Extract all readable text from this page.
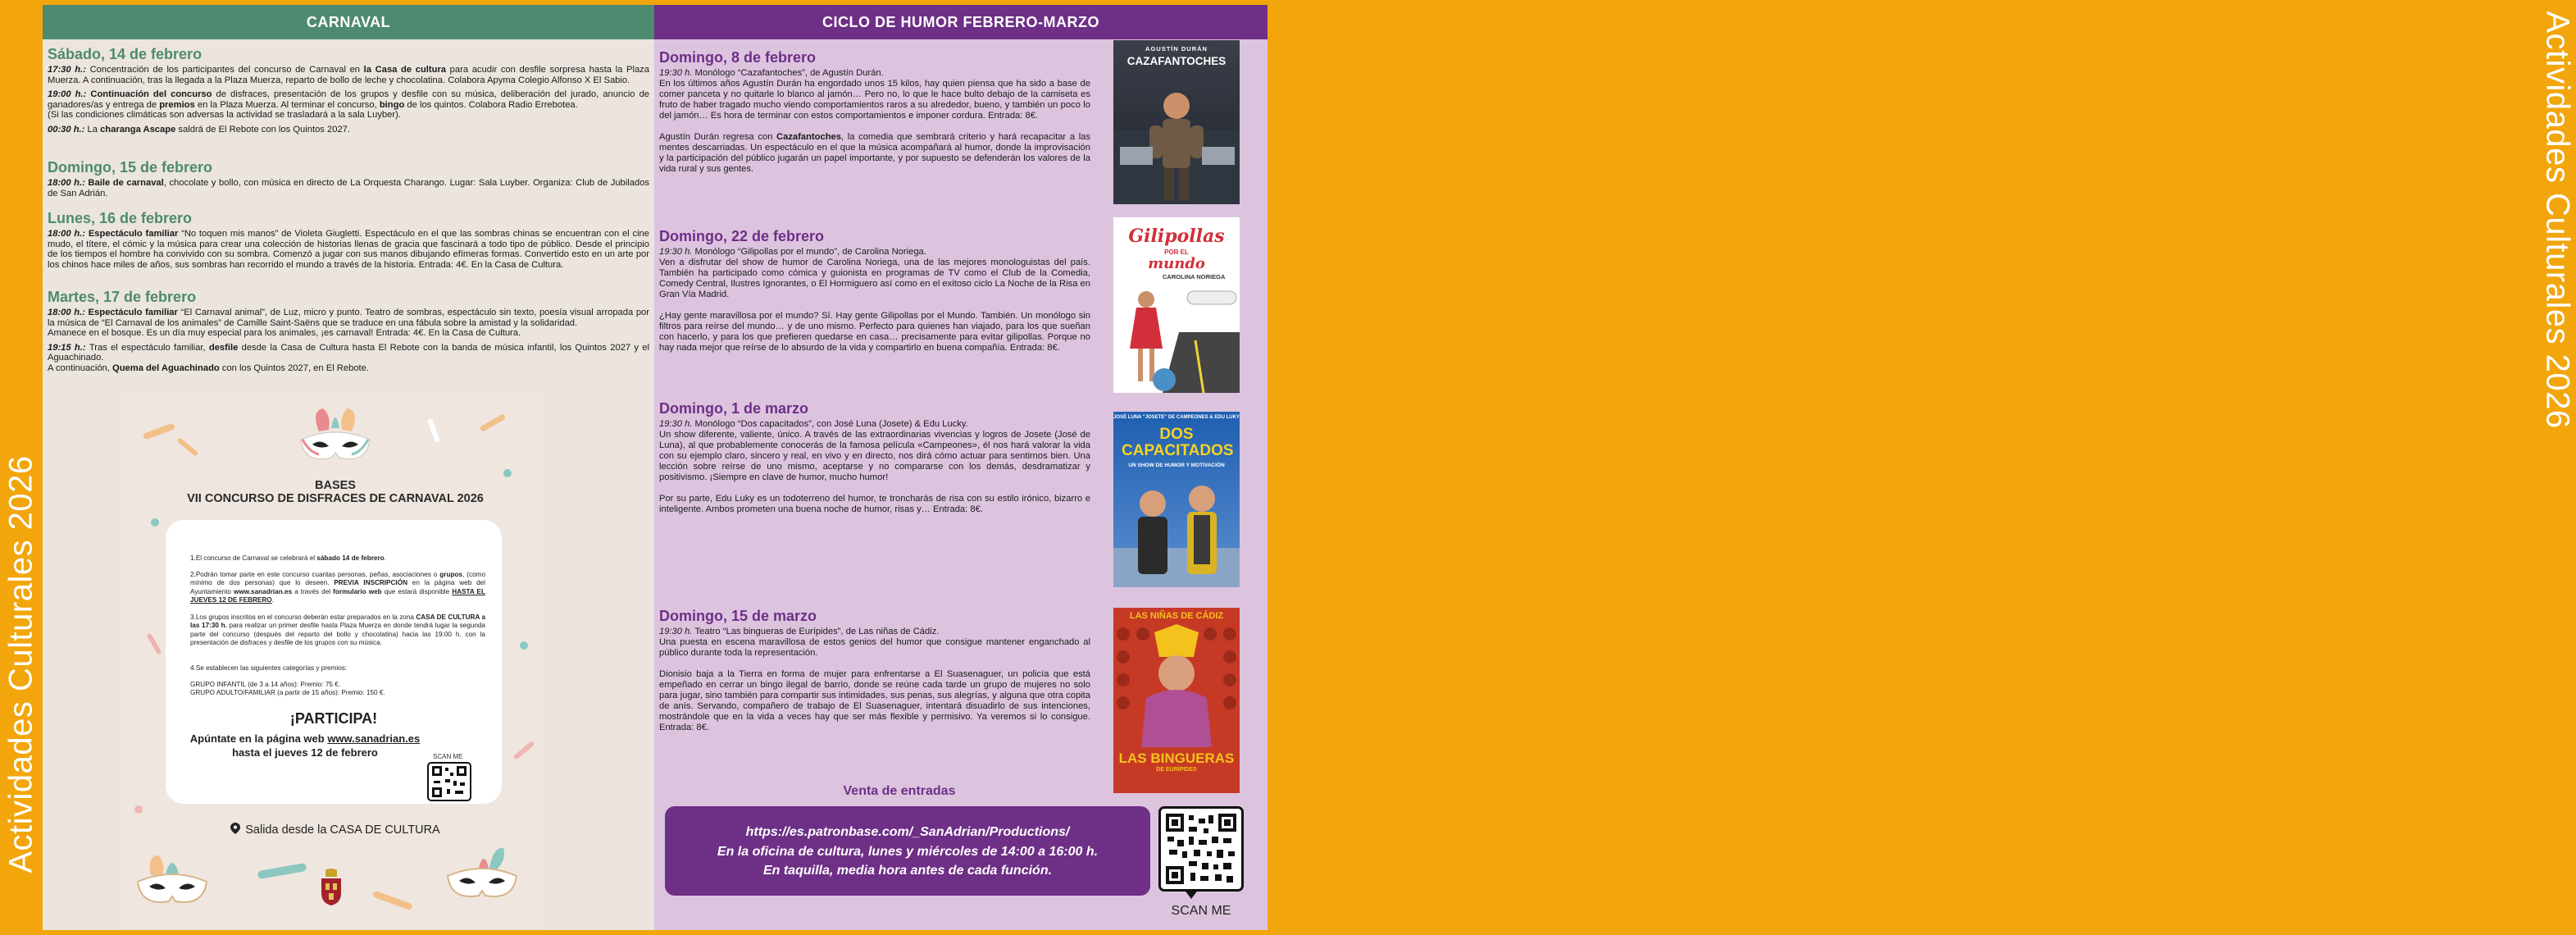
Actividades Culturales 2026
Actividades Culturales 2026
CARNAVAL
Sábado, 14 de febrero

17:30 h.: Concentración de los participantes del concurso de Carnaval en la Casa de cultura para acudir con desfile sorpresa hasta la Plaza Muerza. A continuación, tras la llegada a la Plaza Muerza, reparto de bollo de leche y chocolatina. Colabora Apyma Colegio Alfonso X El Sabio.

19:00 h.: Continuación del concurso de disfraces, presentación de los grupos y desfile con su música, deliberación del jurado, anuncio de ganadores/as y entrega de premios en la Plaza Muerza. Al terminar el concurso, bingo de los quintos. Colabora Radio Errebotea.
(Si las condiciones climáticas son adversas la actividad se trasladará a la sala Luyber).

00:30 h.: La charanga Ascape saldrá de El Rebote con los Quintos 2027.

Domingo, 15 de febrero

18:00 h.: Baile de carnaval, chocolate y bollo, con música en directo de La Orquesta Charango. Lugar: Sala Luyber. Organiza: Club de Jubilados de San Adrián.

Lunes, 16 de febrero

18:00 h.: Espectáculo familiar “No toquen mis manos” de Violeta Giugletti. Espectáculo en el que las sombras chinas se encuentran con el cine mudo, el títere, el cómic y la música para crear una colección de historias llenas de gracia que fascinará a todo tipo de público. Desde el principio de los tiempos el hombre ha convivido con su sombra. Comenzó a jugar con sus manos dibujando efímeras formas. Convertido esto en un arte por los chinos hace miles de años, sus sombras han recorrido el mundo a través de la historia. Entrada: 4€. En la Casa de Cultura.

Martes, 17 de febrero

18:00 h.: Espectáculo familiar “El Carnaval animal”, de Luz, micro y punto. Teatro de sombras, espectáculo sin texto, poesía visual arropada por la música de “El Carnaval de los animales” de Camille Saint-Saëns que se traduce en una fábula sobre la amistad y la solidaridad.
Amanece en el bosque. Es un día muy especial para los animales, ¡es carnaval! Entrada: 4€. En la Casa de Cultura.

19:15 h.: Tras el espectáculo familiar, desfile desde la Casa de Cultura hasta El Rebote con la banda de música infantil, los Quintos 2027 y el Aguachinado.
A continuación, Quema del Aguachinado con los Quintos 2027, en El Rebote.

BASES
VII CONCURSO DE DISFRACES DE CARNAVAL 2026
1.El concurso de Carnaval se celebrará el sábado 14 de febrero.
2.Podrán tomar parte en este concurso cuantas personas, peñas, asociaciones o grupos, (como mínimo de dos personas) que lo deseen. PREVIA INSCRIPCIÓN en la página web del Ayuntamiento www.sanadrian.es a través del formulario web que estará disponible HASTA EL JUEVES 12 DE FEBRERO.
3.Los grupos inscritos en el concurso deberán estar preparados en la zona CASA DE CULTURA a las 17:30 h. para realizar un primer desfile hasta Plaza Muerza en donde tendrá lugar la segunda parte del concurso (después del reparto del bollo y chocolatina) hacia las 19:00 h. con la presentación de disfraces y desfile de los grupos con su música.
4.Se establecen las siguientes categorías y premios:
GRUPO INFANTIL (de 3 a 14 años): Premio: 75 €.
GRUPO ADULTO/FAMILIAR (a partir de 15 años): Premio: 150 €.
¡PARTICIPA!
Apúntate en la página web www.sanadrian.es
hasta el jueves 12 de febrero	SCAN ME
Salida desde la CASA DE CULTURA
CICLO DE HUMOR FEBRERO-MARZO
Domingo, 8 de febrero

19:30 h. Monólogo “Cazafantoches”, de Agustín Durán.
En los últimos años Agustín Durán ha engordado unos 15 kilos, hay quien piensa que ha sido a base de comer panceta y no quitarle lo blanco al jamón… Pero no, lo que le hace bulto debajo de la camiseta es fruto de haber tragado mucho viendo comportamientos raros a su alrededor, bueno, y también un poco lo del jamón… Es hora de terminar con estos comportamientos e imponer cordura. Entrada: 8€.

Agustín Durán regresa con Cazafantoches, la comedia que sembrará criterio y hará recapacitar a las mentes descarriadas. Un espectáculo en el que la música acompañará al humor, donde la improvisación y la participación del público jugarán un papel importante, y por supuesto se defenderán los valores de la vida rural y sus gentes.

Domingo, 22 de febrero

19:30 h. Monólogo “Gilipollas por el mundo”, de Carolina Noriega.
Ven a disfrutar del show de humor de Carolina Noriega, una de las mejores monologuistas del país. También ha participado como cómica y guionista en programas de TV como el Club de la Comedia, Comedy Central, Ilustres Ignorantes, o El Hormiguero así como en el exitoso ciclo La Noche de la Risa en Gran Vía Madrid.

¿Hay gente maravillosa por el mundo? Sí. Hay gente Gilipollas por el Mundo. También. Un monólogo sin filtros para reírse del mundo… y de uno mismo. Perfecto para quienes han viajado, para los que sueñan con hacerlo, y para los que prefieren quedarse en casa… precisamente para evitar gilipollas. Porque no hay nada mejor que reírse de lo absurdo de la vida y compartirlo en buena compañía. Entrada: 8€.

Domingo, 1 de marzo

19:30 h. Monólogo “Dos capacitados”, con José Luna (Josete) & Edu Lucky.
Un show diferente, valiente, único. A través de las extraordinarias vivencias y logros de Josete (José de Luna), al que probablemente conocerás de la famosa película «Campeones», él nos hará valorar la vida con su ejemplo claro, sincero y real, en vivo y en directo, nos dirá cómo actuar para sentirnos bien. Una lección sobre reírse de uno mismo, aceptarse y no compararse con los demás, desdramatizar y positivismo. ¡Siempre en clave de humor, mucho humor!

Por su parte, Edu Luky es un todoterreno del humor, te troncharás de risa con su estilo irónico, bizarro e inteligente. Ambos prometen una buena noche de humor, risas y… Entrada: 8€.

Domingo, 15 de marzo

19:30 h. Teatro “Las bingueras de Eurípides”, de Las niñas de Cádiz.
Una puesta en escena maravillosa de estos genios del humor que consigue mantener enganchado al público durante toda la representación.

Dionisio baja a la Tierra en forma de mujer para enfrentarse a El Suasenaguer, un policía que está empeñado en cerrar un bingo ilegal de barrio, donde se reúne cada tarde un grupo de mujeres no solo para jugar, sino también para compartir sus intimidades, sus penas, sus alegrías, y alguna que otra copita de anís. Servando, compañero de trabajo de El Suasenaguer, intentará disuadirlo de sus intenciones, mostrándole que en la vida a veces hay que ser más flexible y permisivo. Ya veremos si lo consigue. Entrada: 8€.

AGUSTÍN DURÁN
CAZAFANTOCHES
Gilipollas
POR EL
mundo
CAROLINA NORIEGA
JOSÉ LUNA "JOSETE" DE CAMPEONES & EDU LUKY
DOS CAPACITADOS
UN SHOW DE HUMOR Y MOTIVACIÓN
LAS NIÑAS DE CÁDIZ
LAS BINGUERAS
DE EURÍPIDES
Venta de entradas
https://es.patronbase.com/_SanAdrian/Productions/
En la oficina de cultura, lunes y miércoles de 14:00 a 16:00 h.
En taquilla, media hora antes de cada función.
SCAN ME
